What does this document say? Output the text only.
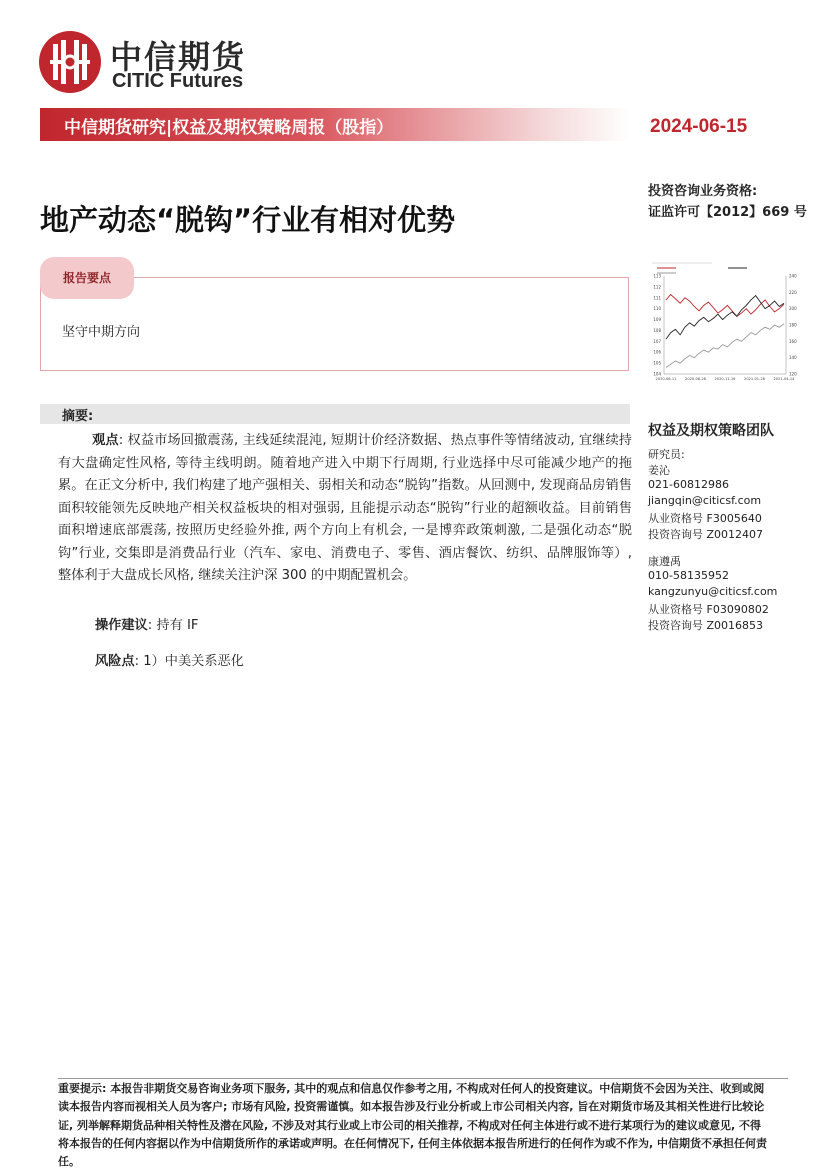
中信期货
CITIC Futures
中信期货研究|权益及期权策略周报（股指）	2024-06-15
投资咨询业务资格:
证监许可【2012】669 号
地产动态“脱钩”行业有相对优势
报告要点
坚守中期方向
113
112
111
110
109
108
107
106
105
104
240
220
200
180
160
140
120
2020-06-11 2020-08-28 2020-11-16 2021-01-28 2021-04-14
摘要:
观点: 权益市场回撤震荡, 主线延续混沌, 短期计价经济数据、热点事件等情绪波动, 宜继续持有大盘确定性风格, 等待主线明朗。随着地产进入中期下行周期, 行业选择中尽可能减少地产的拖累。在正文分析中, 我们构建了地产强相关、弱相关和动态“脱钩”指数。从回测中, 发现商品房销售面积较能领先反映地产相关权益板块的相对强弱, 且能提示动态“脱钩”行业的超额收益。目前销售面积增速底部震荡, 按照历史经验外推, 两个方向上有机会, 一是博弈政策刺激, 二是强化动态“脱钩”行业, 交集即是消费品行业（汽车、家电、消费电子、零售、酒店餐饮、纺织、品牌服饰等）, 整体利于大盘成长风格, 继续关注沪深 300 的中期配置机会。
操作建议: 持有 IF
风险点: 1）中美关系恶化
权益及期权策略团队
研究员:
姜沁
021-60812986
jiangqin@citicsf.com
从业资格号 F3005640
投资咨询号 Z0012407
康遵禹
010-58135952
kangzunyu@citicsf.com
从业资格号 F03090802
投资咨询号 Z0016853
重要提示: 本报告非期货交易咨询业务项下服务, 其中的观点和信息仅作参考之用, 不构成对任何人的投资建议。中信期货不会因为关注、收到或阅读本报告内容而视相关人员为客户; 市场有风险, 投资需谨慎。如本报告涉及行业分析或上市公司相关内容, 旨在对期货市场及其相关性进行比较论证, 列举解释期货品种相关特性及潜在风险, 不涉及对其行业或上市公司的相关推荐, 不构成对任何主体进行或不进行某项行为的建议或意见, 不得将本报告的任何内容据以作为中信期货所作的承诺或声明。在任何情况下, 任何主体依据本报告所进行的任何作为或不作为, 中信期货不承担任何责任。
